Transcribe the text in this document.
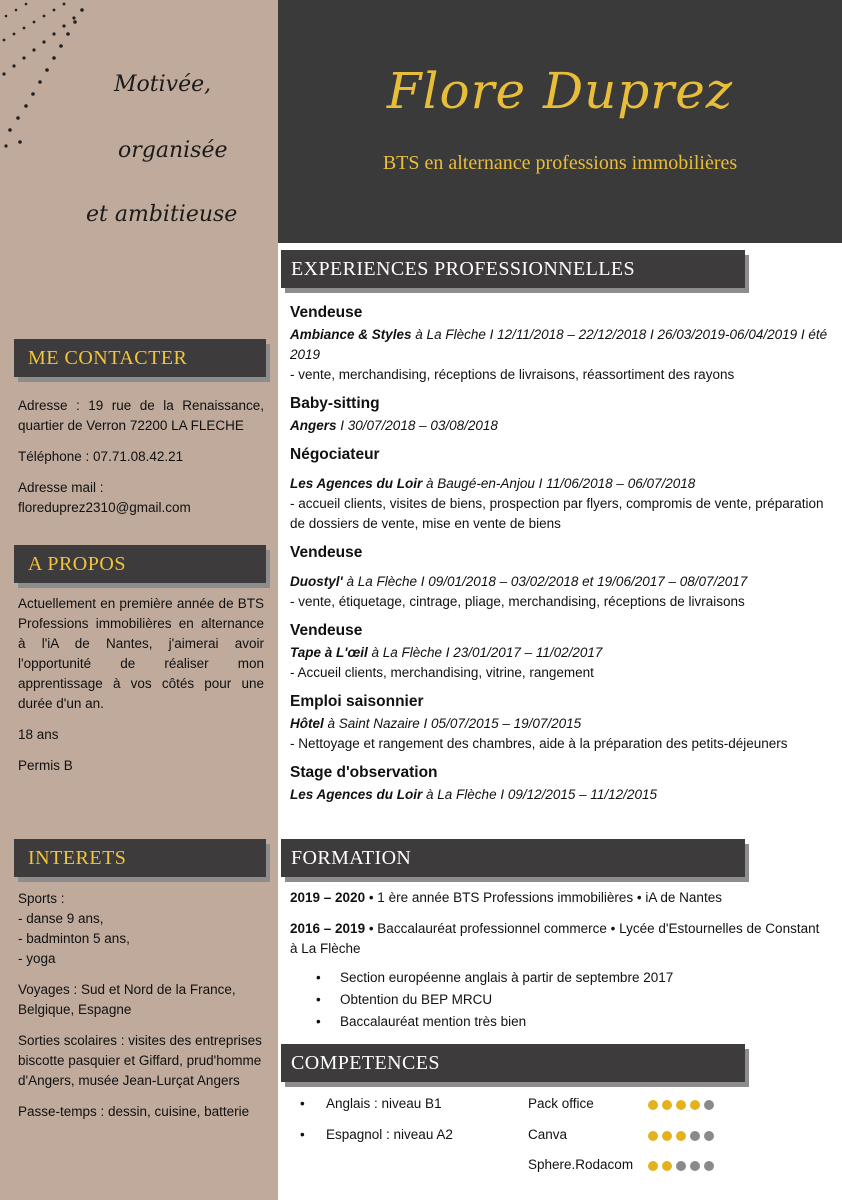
Motivée,
organisée
et ambitieuse
ME CONTACTER

Adresse : 19 rue de la Renaissance, quartier de Verron 72200 LA FLECHE

Téléphone : 07.71.08.42.21

Adresse mail :
floreduprez2310@gmail.com
A PROPOS

Actuellement en première année de BTS Professions immobilières en alternance à l'iA de Nantes, j'aimerai avoir l'opportunité de réaliser mon apprentissage à vos côtés pour une durée d'un an.

18 ans

Permis B

INTERETS
Sports :
- danse 9 ans,
- badminton 5 ans,

- yoga

Voyages : Sud et Nord de la France, Belgique, Espagne

Sorties scolaires : visites des entreprises biscotte pasquier et Giffard, prud'homme d'Angers, musée Jean-Lurçat Angers

Passe-temps : dessin, cuisine, batterie

Flore Duprez
BTS en alternance professions immobilières
EXPERIENCES PROFESSIONNELLES
Vendeuse
Ambiance & Styles à La Flèche I 12/11/2018 – 22/12/2018 I 26/03/2019-06/04/2019 I été 2019
- vente, merchandising, réceptions de livraisons, réassortiment des rayons
Baby-sitting
Angers I 30/07/2018 – 03/08/2018
Négociateur
Les Agences du Loir à Baugé-en-Anjou I 11/06/2018 – 06/07/2018
- accueil clients, visites de biens, prospection par flyers, compromis de vente, préparation de dossiers de vente, mise en vente de biens
Vendeuse
Duostyl' à La Flèche I 09/01/2018 – 03/02/2018 et 19/06/2017 – 08/07/2017
- vente, étiquetage, cintrage, pliage, merchandising, réceptions de livraisons
Vendeuse
Tape à L'œil à La Flèche I 23/01/2017 – 11/02/2017
- Accueil clients, merchandising, vitrine, rangement
Emploi saisonnier
Hôtel à Saint Nazaire I 05/07/2015 – 19/07/2015
- Nettoyage et rangement des chambres, aide à la préparation des petits-déjeuners
Stage d'observation
Les Agences du Loir à La Flèche I 09/12/2015 – 11/12/2015
FORMATION
2019 – 2020 • 1 ère année BTS Professions immobilières • iA de Nantes
2016 – 2019 • Baccalauréat professionnel commerce • Lycée d'Estournelles de Constant à La Flèche
• Section européenne anglais à partir de septembre 2017
• Obtention du BEP MRCU
• Baccalauréat mention très bien
COMPETENCES
• Anglais : niveau B1
• Espagnol : niveau A2
Pack office
Canva
Sphere.Rodacom
